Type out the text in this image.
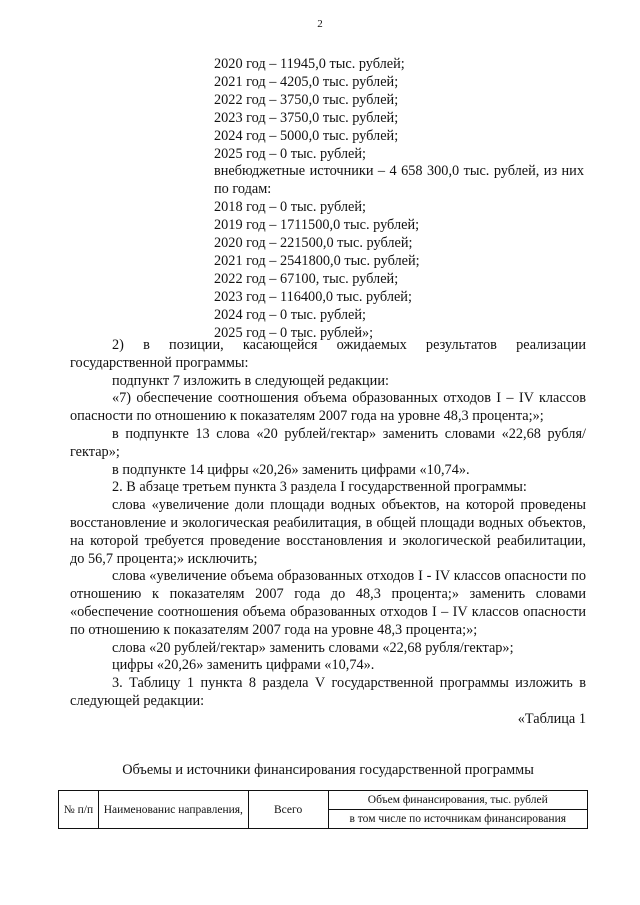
2
2020 год – 11945,0 тыс. рублей;
2021 год – 4205,0 тыс. рублей;
2022 год – 3750,0 тыс. рублей;
2023 год – 3750,0 тыс. рублей;
2024 год – 5000,0 тыс. рублей;
2025 год – 0 тыс. рублей;
внебюджетные источники – 4 658 300,0 тыс. рублей, из них по годам:
2018 год – 0 тыс. рублей;
2019 год – 1711500,0 тыс. рублей;
2020 год – 221500,0 тыс. рублей;
2021 год – 2541800,0 тыс. рублей;
2022 год – 67100, тыс. рублей;
2023 год – 116400,0 тыс. рублей;
2024 год – 0 тыс. рублей;
2025 год – 0 тыс. рублей»;

2) в позиции, касающейся ожидаемых результатов реализации государственной программы:

подпункт 7 изложить в следующей редакции:

«7) обеспечение соотношения объема образованных отходов I – IV классов опасности по отношению к показателям 2007 года на уровне 48,3 процента;»;

в подпункте 13 слова «20 рублей/гектар» заменить словами «22,68 рубля/гектар»;

в подпункте 14 цифры «20,26» заменить цифрами «10,74».

2. В абзаце третьем пункта 3 раздела I государственной программы:

слова «увеличение доли площади водных объектов, на которой проведены восстановление и экологическая реабилитация, в общей площади водных объектов, на которой требуется проведение восстановления и экологической реабилитации, до 56,7 процента;» исключить;

слова «увеличение объема образованных отходов I - IV классов опасности по отношению к показателям 2007 года до 48,3 процента;» заменить словами «обеспечение соотношения объема образованных отходов I – IV классов опасности по отношению к показателям 2007 года на уровне 48,3 процента;»;

слова «20 рублей/гектар» заменить словами «22,68 рубля/гектар»;

цифры «20,26» заменить цифрами «10,74».

3. Таблицу 1 пункта 8 раздела V государственной программы изложить в следующей редакции:

«Таблица 1

Объемы и источники финансирования государственной программы
№ п/п	Наименованис направления,	Всего	Объем финансирования, тыс. рублей
в том числе по источникам финансирования
